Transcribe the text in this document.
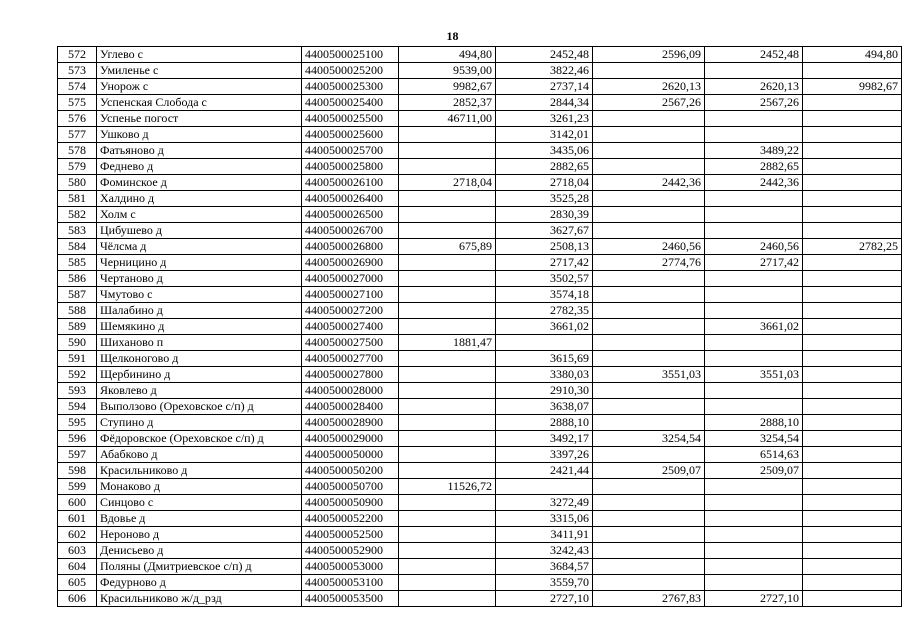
18
572	Углево с	4400500025100	494,80	2452,48	2596,09	2452,48	494,80
573	Умиленье с	4400500025200	9539,00	3822,46			
574	Унорож с	4400500025300	9982,67	2737,14	2620,13	2620,13	9982,67
575	Успенская Слобода с	4400500025400	2852,37	2844,34	2567,26	2567,26	
576	Успенье погост	4400500025500	46711,00	3261,23			
577	Ушково д	4400500025600		3142,01			
578	Фатьяново д	4400500025700		3435,06		3489,22	
579	Феднево д	4400500025800		2882,65		2882,65	
580	Фоминское д	4400500026100	2718,04	2718,04	2442,36	2442,36	
581	Халдино д	4400500026400		3525,28			
582	Холм с	4400500026500		2830,39			
583	Цибушево д	4400500026700		3627,67			
584	Чёлсма д	4400500026800	675,89	2508,13	2460,56	2460,56	2782,25
585	Черницино д	4400500026900		2717,42	2774,76	2717,42	
586	Чертаново д	4400500027000		3502,57			
587	Чмутово с	4400500027100		3574,18			
588	Шалабино д	4400500027200		2782,35			
589	Шемякино д	4400500027400		3661,02		3661,02	
590	Шиханово п	4400500027500	1881,47				
591	Щелконогово д	4400500027700		3615,69			
592	Щербинино д	4400500027800		3380,03	3551,03	3551,03	
593	Яковлево д	4400500028000		2910,30			
594	Выползово (Ореховское с/п) д	4400500028400		3638,07			
595	Ступино д	4400500028900		2888,10		2888,10	
596	Фёдоровское (Ореховское с/п) д	4400500029000		3492,17	3254,54	3254,54	
597	Абабково д	4400500050000		3397,26		6514,63	
598	Красильниково д	4400500050200		2421,44	2509,07	2509,07	
599	Монаково д	4400500050700	11526,72				
600	Синцово с	4400500050900		3272,49			
601	Вдовье д	4400500052200		3315,06			
602	Нероново д	4400500052500		3411,91			
603	Денисьево д	4400500052900		3242,43			
604	Поляны (Дмитриевское с/п) д	4400500053000		3684,57			
605	Федурново д	4400500053100		3559,70			
606	Красильниково ж/д_рзд	4400500053500		2727,10	2767,83	2727,10	
